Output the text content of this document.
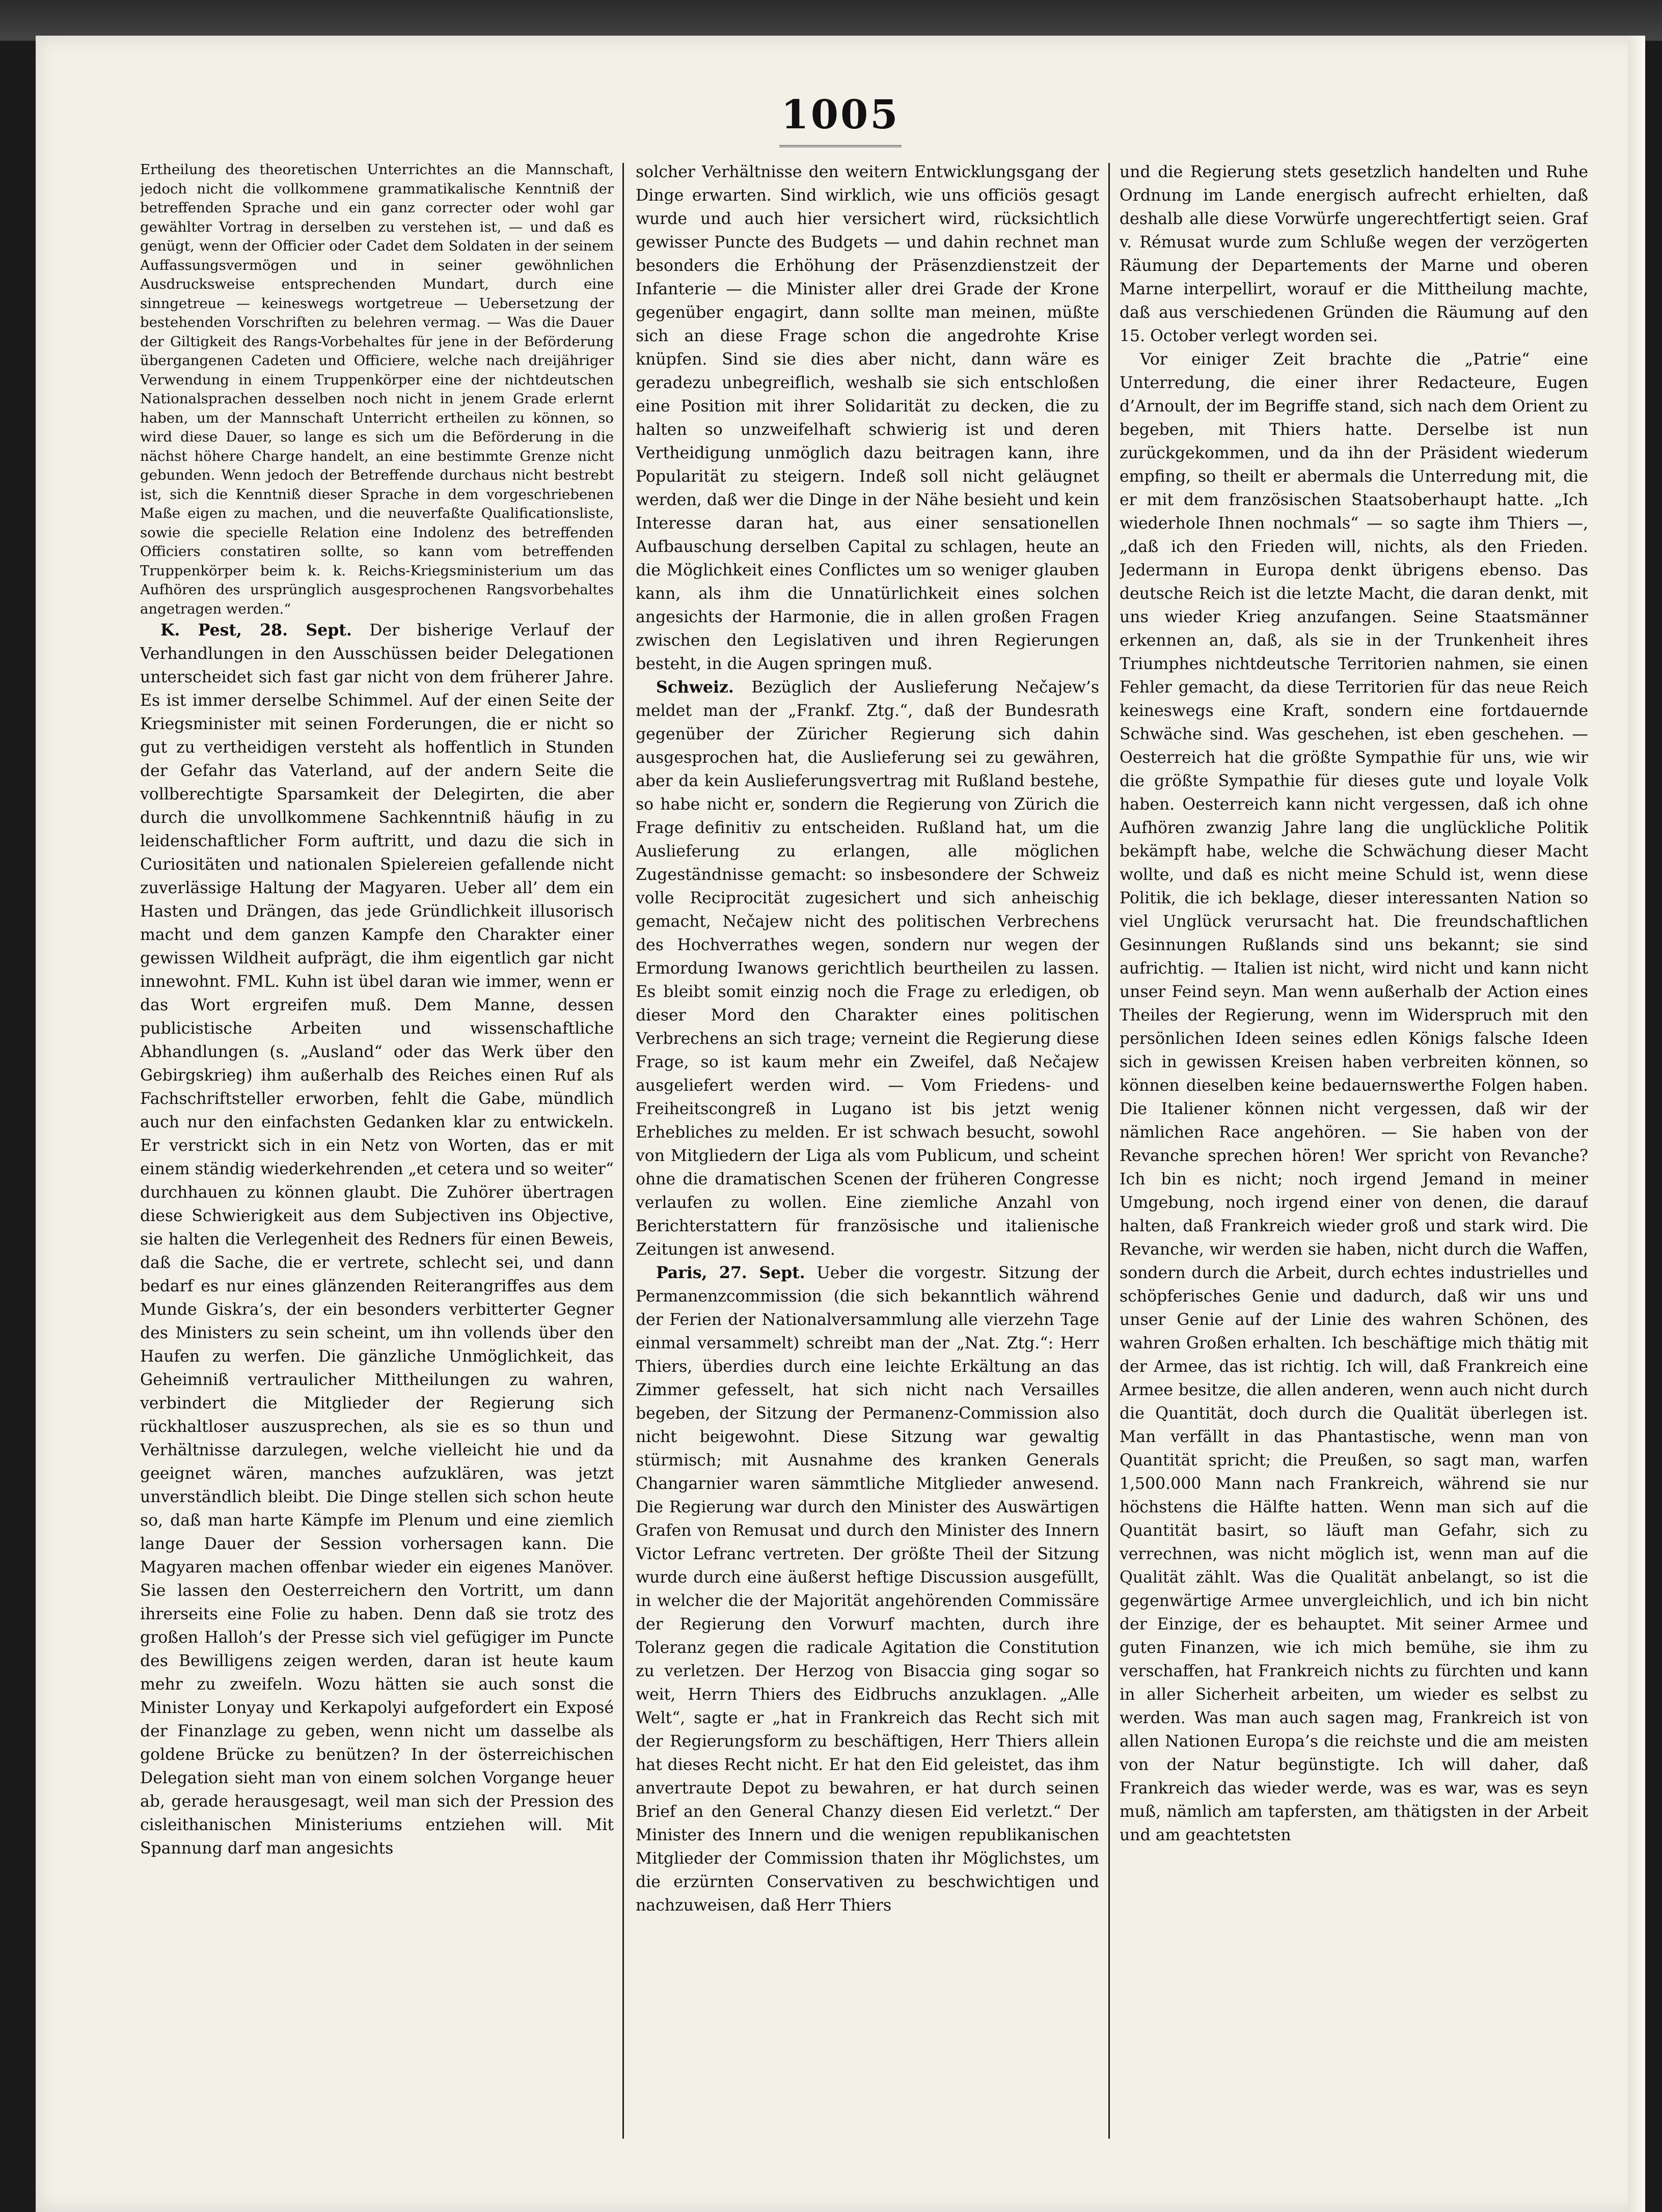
1005

Ertheilung des theoretischen Unterrichtes an die Mannschaft, jedoch nicht die vollkommene grammatikalische Kenntniß der betreffenden Sprache und ein ganz correcter oder wohl gar gewählter Vortrag in derselben zu verstehen ist, — und daß es genügt, wenn der Officier oder Cadet dem Soldaten in der seinem Auffassungsvermögen und in seiner gewöhnlichen Ausdrucksweise entsprechenden Mundart, durch eine sinngetreue — keineswegs wortgetreue — Uebersetzung der bestehenden Vorschriften zu belehren vermag. — Was die Dauer der Giltigkeit des Rangs-Vorbehaltes für jene in der Beförderung übergangenen Cadeten und Officiere, welche nach dreijähriger Verwendung in einem Truppenkörper eine der nichtdeutschen Nationalsprachen desselben noch nicht in jenem Grade erlernt haben, um der Mannschaft Unterricht ertheilen zu können, so wird diese Dauer, so lange es sich um die Beförderung in die nächst höhere Charge handelt, an eine bestimmte Grenze nicht gebunden. Wenn jedoch der Betreffende durchaus nicht bestrebt ist, sich die Kenntniß dieser Sprache in dem vorgeschriebenen Maße eigen zu machen, und die neuverfaßte Qualificationsliste, sowie die specielle Relation eine Indolenz des betreffenden Officiers constatiren sollte, so kann vom betreffenden Truppenkörper beim k. k. Reichs-Kriegsministerium um das Aufhören des ursprünglich ausgesprochenen Rangsvorbehaltes angetragen werden.“

K. Pest, 28. Sept. Der bisherige Verlauf der Verhandlungen in den Ausschüssen beider Delegationen unterscheidet sich fast gar nicht von dem früherer Jahre. Es ist immer derselbe Schimmel. Auf der einen Seite der Kriegsminister mit seinen Forderungen, die er nicht so gut zu vertheidigen versteht als hoffentlich in Stunden der Gefahr das Vaterland, auf der andern Seite die vollberechtigte Sparsamkeit der Delegirten, die aber durch die unvollkommene Sachkenntniß häufig in zu leidenschaftlicher Form auftritt, und dazu die sich in Curiositäten und nationalen Spielereien gefallende nicht zuverlässige Haltung der Magyaren. Ueber all’ dem ein Hasten und Drängen, das jede Gründlichkeit illusorisch macht und dem ganzen Kampfe den Charakter einer gewissen Wildheit aufprägt, die ihm eigentlich gar nicht innewohnt. FML. Kuhn ist übel daran wie immer, wenn er das Wort ergreifen muß. Dem Manne, dessen publicistische Arbeiten und wissenschaftliche Abhandlungen (s. „Ausland“ oder das Werk über den Gebirgskrieg) ihm außerhalb des Reiches einen Ruf als Fachschriftsteller erworben, fehlt die Gabe, mündlich auch nur den einfachsten Gedanken klar zu entwickeln. Er verstrickt sich in ein Netz von Worten, das er mit einem ständig wiederkehrenden „et cetera und so weiter“ durchhauen zu können glaubt. Die Zuhörer übertragen diese Schwierigkeit aus dem Subjectiven ins Objective, sie halten die Verlegenheit des Redners für einen Beweis, daß die Sache, die er vertrete, schlecht sei, und dann bedarf es nur eines glänzenden Reiterangriffes aus dem Munde Giskra’s, der ein besonders verbitterter Gegner des Ministers zu sein scheint, um ihn vollends über den Haufen zu werfen. Die gänzliche Unmöglichkeit, das Geheimniß vertraulicher Mittheilungen zu wahren, verbindert die Mitglieder der Regierung sich rückhaltloser auszusprechen, als sie es so thun und Verhältnisse darzulegen, welche vielleicht hie und da geeignet wären, manches aufzuklären, was jetzt unverständlich bleibt. Die Dinge stellen sich schon heute so, daß man harte Kämpfe im Plenum und eine ziemlich lange Dauer der Session vorhersagen kann. Die Magyaren machen offenbar wieder ein eigenes Manöver. Sie lassen den Oesterreichern den Vortritt, um dann ihrerseits eine Folie zu haben. Denn daß sie trotz des großen Halloh’s der Presse sich viel gefügiger im Puncte des Bewilligens zeigen werden, daran ist heute kaum mehr zu zweifeln. Wozu hätten sie auch sonst die Minister Lonyay und Kerkapolyi aufgefordert ein Exposé der Finanzlage zu geben, wenn nicht um dasselbe als goldene Brücke zu benützen? In der österreichischen Delegation sieht man von einem solchen Vorgange heuer ab, gerade herausgesagt, weil man sich der Pression des cisleithanischen Ministeriums entziehen will. Mit Spannung darf man angesichts

solcher Verhältnisse den weitern Entwicklungsgang der Dinge erwarten. Sind wirklich, wie uns officiös gesagt wurde und auch hier versichert wird, rücksichtlich gewisser Puncte des Budgets — und dahin rechnet man besonders die Erhöhung der Präsenzdienstzeit der Infanterie — die Minister aller drei Grade der Krone gegenüber engagirt, dann sollte man meinen, müßte sich an diese Frage schon die angedrohte Krise knüpfen. Sind sie dies aber nicht, dann wäre es geradezu unbegreiflich, weshalb sie sich entschloßen eine Position mit ihrer Solidarität zu decken, die zu halten so unzweifelhaft schwierig ist und deren Vertheidigung unmöglich dazu beitragen kann, ihre Popularität zu steigern. Indeß soll nicht geläugnet werden, daß wer die Dinge in der Nähe besieht und kein Interesse daran hat, aus einer sensationellen Aufbauschung derselben Capital zu schlagen, heute an die Möglichkeit eines Conflictes um so weniger glauben kann, als ihm die Unnatürlichkeit eines solchen angesichts der Harmonie, die in allen großen Fragen zwischen den Legislativen und ihren Regierungen besteht, in die Augen springen muß.

Schweiz. Bezüglich der Auslieferung Nečajew’s meldet man der „Frankf. Ztg.“, daß der Bundesrath gegenüber der Züricher Regierung sich dahin ausgesprochen hat, die Auslieferung sei zu gewähren, aber da kein Auslieferungsvertrag mit Rußland bestehe, so habe nicht er, sondern die Regierung von Zürich die Frage definitiv zu entscheiden. Rußland hat, um die Auslieferung zu erlangen, alle möglichen Zugeständnisse gemacht: so insbesondere der Schweiz volle Reciprocität zugesichert und sich anheischig gemacht, Nečajew nicht des politischen Verbrechens des Hochverrathes wegen, sondern nur wegen der Ermordung Iwanows gerichtlich beurtheilen zu lassen. Es bleibt somit einzig noch die Frage zu erledigen, ob dieser Mord den Charakter eines politischen Verbrechens an sich trage; verneint die Regierung diese Frage, so ist kaum mehr ein Zweifel, daß Nečajew ausgeliefert werden wird. — Vom Friedens- und Freiheitscongreß in Lugano ist bis jetzt wenig Erhebliches zu melden. Er ist schwach besucht, sowohl von Mitgliedern der Liga als vom Publicum, und scheint ohne die dramatischen Scenen der früheren Congresse verlaufen zu wollen. Eine ziemliche Anzahl von Berichterstattern für französische und italienische Zeitungen ist anwesend.

Paris, 27. Sept. Ueber die vorgestr. Sitzung der Permanenzcommission (die sich bekanntlich während der Ferien der Nationalversammlung alle vierzehn Tage einmal versammelt) schreibt man der „Nat. Ztg.“: Herr Thiers, überdies durch eine leichte Erkältung an das Zimmer gefesselt, hat sich nicht nach Versailles begeben, der Sitzung der Permanenz-Commission also nicht beigewohnt. Diese Sitzung war gewaltig stürmisch; mit Ausnahme des kranken Generals Changarnier waren sämmtliche Mitglieder anwesend. Die Regierung war durch den Minister des Auswärtigen Grafen von Remusat und durch den Minister des Innern Victor Lefranc vertreten. Der größte Theil der Sitzung wurde durch eine äußerst heftige Discussion ausgefüllt, in welcher die der Majorität angehörenden Commissäre der Regierung den Vorwurf machten, durch ihre Toleranz gegen die radicale Agitation die Constitution zu verletzen. Der Herzog von Bisaccia ging sogar so weit, Herrn Thiers des Eidbruchs anzuklagen. „Alle Welt“, sagte er „hat in Frankreich das Recht sich mit der Regierungsform zu beschäftigen, Herr Thiers allein hat dieses Recht nicht. Er hat den Eid geleistet, das ihm anvertraute Depot zu bewahren, er hat durch seinen Brief an den General Chanzy diesen Eid verletzt.“ Der Minister des Innern und die wenigen republikanischen Mitglieder der Commission thaten ihr Möglichstes, um die erzürnten Conservativen zu beschwichtigen und nachzuweisen, daß Herr Thiers

und die Regierung stets gesetzlich handelten und Ruhe Ordnung im Lande energisch aufrecht erhielten, daß deshalb alle diese Vorwürfe ungerechtfertigt seien. Graf v. Rémusat wurde zum Schluße wegen der verzögerten Räumung der Departements der Marne und oberen Marne interpellirt, worauf er die Mittheilung machte, daß aus verschiedenen Gründen die Räumung auf den 15. October verlegt worden sei.

Vor einiger Zeit brachte die „Patrie“ eine Unterredung, die einer ihrer Redacteure, Eugen d’Arnoult, der im Begriffe stand, sich nach dem Orient zu begeben, mit Thiers hatte. Derselbe ist nun zurückgekommen, und da ihn der Präsident wiederum empfing, so theilt er abermals die Unterredung mit, die er mit dem französischen Staatsoberhaupt hatte. „Ich wiederhole Ihnen nochmals“ — so sagte ihm Thiers —, „daß ich den Frieden will, nichts, als den Frieden. Jedermann in Europa denkt übrigens ebenso. Das deutsche Reich ist die letzte Macht, die daran denkt, mit uns wieder Krieg anzufangen. Seine Staatsmänner erkennen an, daß, als sie in der Trunkenheit ihres Triumphes nichtdeutsche Territorien nahmen, sie einen Fehler gemacht, da diese Territorien für das neue Reich keineswegs eine Kraft, sondern eine fortdauernde Schwäche sind. Was geschehen, ist eben geschehen. — Oesterreich hat die größte Sympathie für uns, wie wir die größte Sympathie für dieses gute und loyale Volk haben. Oesterreich kann nicht vergessen, daß ich ohne Aufhören zwanzig Jahre lang die unglückliche Politik bekämpft habe, welche die Schwächung dieser Macht wollte, und daß es nicht meine Schuld ist, wenn diese Politik, die ich beklage, dieser interessanten Nation so viel Unglück verursacht hat. Die freundschaftlichen Gesinnungen Rußlands sind uns bekannt; sie sind aufrichtig. — Italien ist nicht, wird nicht und kann nicht unser Feind seyn. Man wenn außerhalb der Action eines Theiles der Regierung, wenn im Widerspruch mit den persönlichen Ideen seines edlen Königs falsche Ideen sich in gewissen Kreisen haben verbreiten können, so können dieselben keine bedauernswerthe Folgen haben. Die Italiener können nicht vergessen, daß wir der nämlichen Race angehören. — Sie haben von der Revanche sprechen hören! Wer spricht von Revanche? Ich bin es nicht; noch irgend Jemand in meiner Umgebung, noch irgend einer von denen, die darauf halten, daß Frankreich wieder groß und stark wird. Die Revanche, wir werden sie haben, nicht durch die Waffen, sondern durch die Arbeit, durch echtes industrielles und schöpferisches Genie und dadurch, daß wir uns und unser Genie auf der Linie des wahren Schönen, des wahren Großen erhalten. Ich beschäftige mich thätig mit der Armee, das ist richtig. Ich will, daß Frankreich eine Armee besitze, die allen anderen, wenn auch nicht durch die Quantität, doch durch die Qualität überlegen ist. Man verfällt in das Phantastische, wenn man von Quantität spricht; die Preußen, so sagt man, warfen 1,500.000 Mann nach Frankreich, während sie nur höchstens die Hälfte hatten. Wenn man sich auf die Quantität basirt, so läuft man Gefahr, sich zu verrechnen, was nicht möglich ist, wenn man auf die Qualität zählt. Was die Qualität anbelangt, so ist die gegenwärtige Armee unvergleichlich, und ich bin nicht der Einzige, der es behauptet. Mit seiner Armee und guten Finanzen, wie ich mich bemühe, sie ihm zu verschaffen, hat Frankreich nichts zu fürchten und kann in aller Sicherheit arbeiten, um wieder es selbst zu werden. Was man auch sagen mag, Frankreich ist von allen Nationen Europa’s die reichste und die am meisten von der Natur begünstigte. Ich will daher, daß Frankreich das wieder werde, was es war, was es seyn muß, nämlich am tapfersten, am thätigsten in der Arbeit und am geachtetsten
